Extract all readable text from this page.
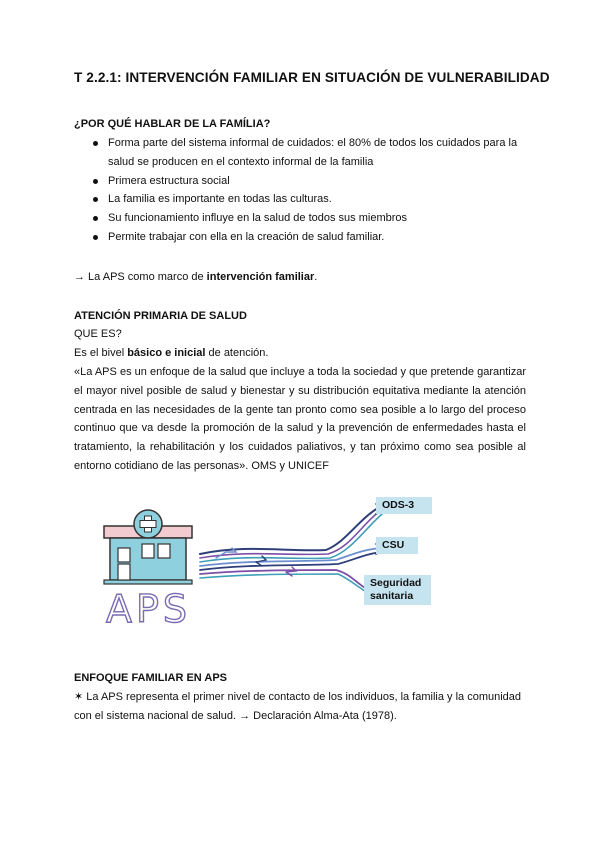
T 2.2.1: INTERVENCIÓN FAMILIAR EN SITUACIÓN DE VULNERABILIDAD
¿POR QUÉ HABLAR DE LA FAMÍLIA?
Forma parte del sistema informal de cuidados: el 80% de todos los cuidados para la salud se producen en el contexto informal de la familia
Primera estructura social
La familia es importante en todas las culturas.
Su funcionamiento influye en la salud de todos sus miembros
Permite trabajar con ella en la creación de salud familiar.
→ La APS como marco de intervención familiar.
ATENCIÓN PRIMARIA DE SALUD
QUE ES?
Es el bivel básico e inicial de atención.
«La APS es un enfoque de la salud que incluye a toda la sociedad y que pretende garantizar el mayor nivel posible de salud y bienestar y su distribución equitativa mediante la atención centrada en las necesidades de la gente tan pronto como sea posible a lo largo del proceso continuo que va desde la promoción de la salud y la prevención de enfermedades hasta el tratamiento, la rehabilitación y los cuidados paliativos, y tan próximo como sea posible al entorno cotidiano de las personas». OMS y UNICEF
APS
ODS-3
CSU
Seguridad sanitaria
ENFOQUE FAMILIAR EN APS
✶ La APS representa el primer nivel de contacto de los individuos, la familia y la comunidad con el sistema nacional de salud. → Declaración Alma-Ata (1978).
